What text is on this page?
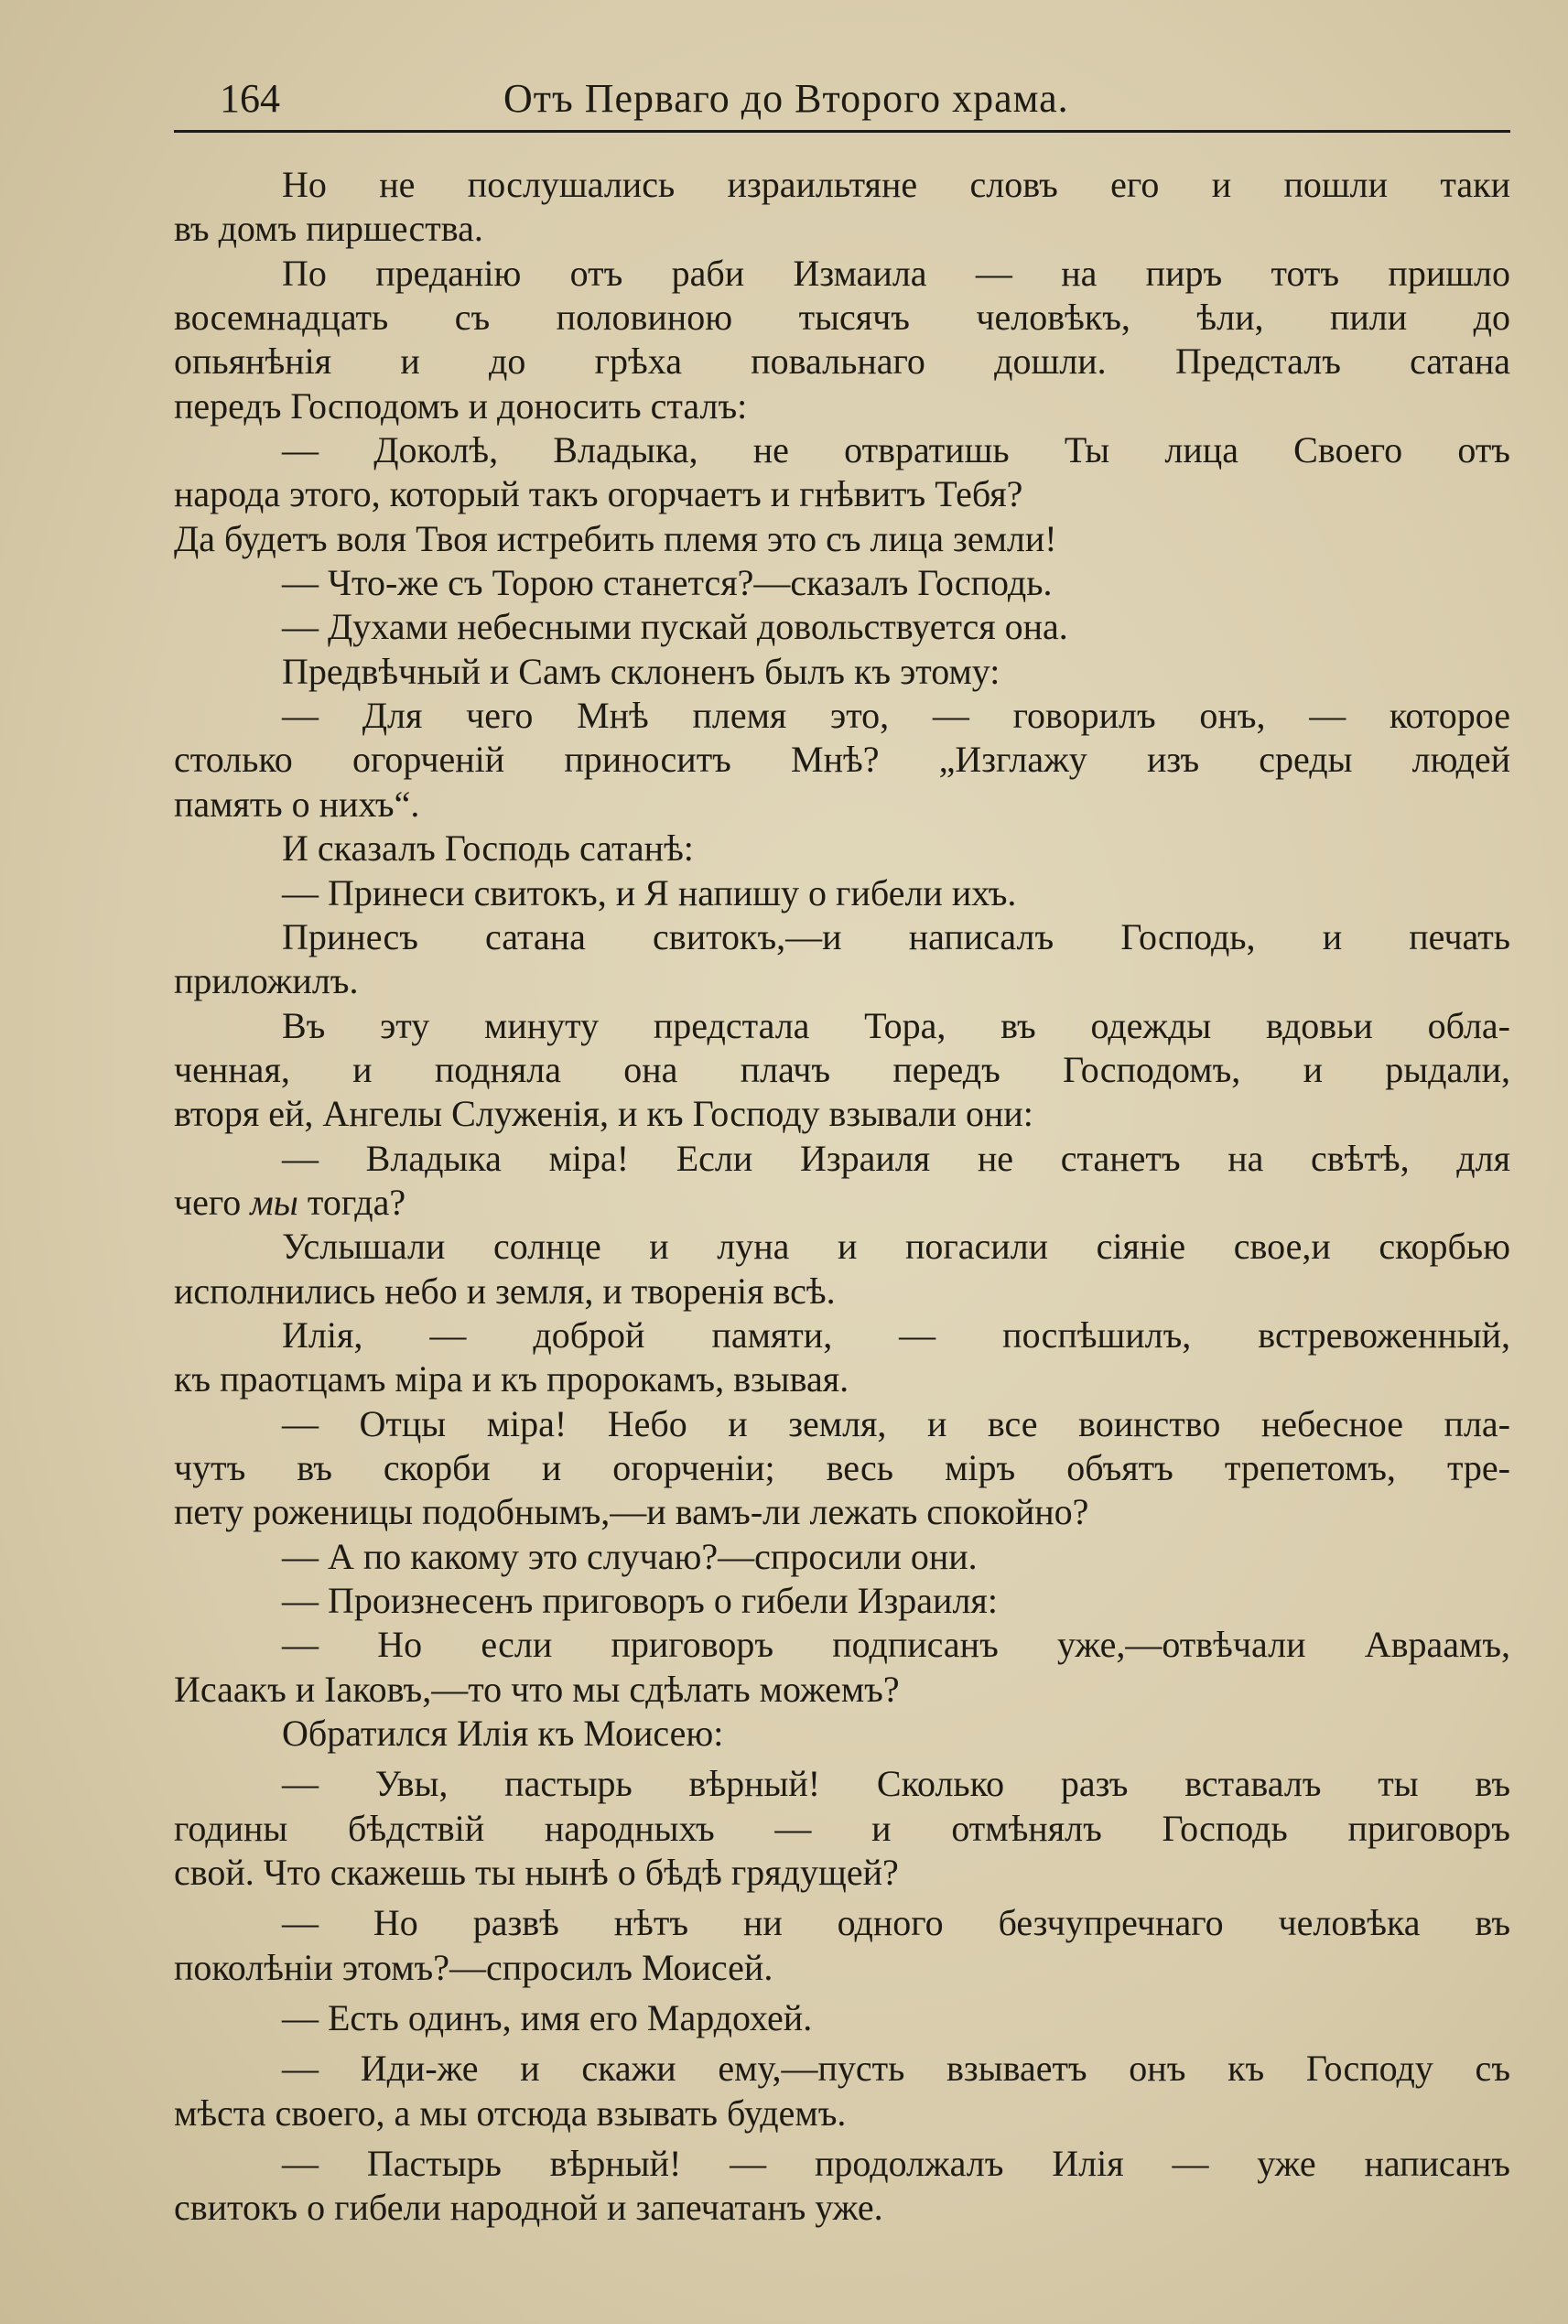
164	Отъ Перваго до Второго храма.
Но не послушались израильтяне словъ его и пошли таки
въ домъ пиршества.
По преданію отъ раби Измаила — на пиръ тотъ пришло
восемнадцать съ половиною тысячъ человѣкъ, ѣли, пили до
опьянѣнія и до грѣха повальнаго дошли. Предсталъ сатана
передъ Господомъ и доносить сталъ:
— Доколѣ, Владыка, не отвратишь Ты лица Своего отъ
народа этого, который такъ огорчаетъ и гнѣвитъ Тебя?
Да будетъ воля Твоя истребить племя это съ лица земли!
— Что-же съ Торою станется?—сказалъ Господь.
— Духами небесными пускай довольствуется она.
Предвѣчный и Самъ склоненъ былъ къ этому:
— Для чего Мнѣ племя это, — говорилъ онъ, — которое
столько огорченій приноситъ Мнѣ? „Изглажу изъ среды людей
память о нихъ“.
И сказалъ Господь сатанѣ:
— Принеси свитокъ, и Я напишу о гибели ихъ.
Принесъ сатана свитокъ,—и написалъ Господь, и печать
приложилъ.
Въ эту минуту предстала Тора, въ одежды вдовьи обла-
ченная, и подняла она плачъ передъ Господомъ, и рыдали,
вторя ей, Ангелы Служенія, и къ Господу взывали они:
— Владыка міра! Если Израиля не станетъ на свѣтѣ, для
чего мы тогда?
Услышали солнце и луна и погасили сіяніе свое,и скорбью
исполнились небо и земля, и творенія всѣ.
Илія, — доброй памяти, — поспѣшилъ, встревоженный,
къ праотцамъ міра и къ пророкамъ, взывая.
— Отцы міра! Небо и земля, и все воинство небесное пла-
чутъ въ скорби и огорченіи; весь міръ объятъ трепетомъ, тре-
пету роженицы подобнымъ,—и вамъ-ли лежать спокойно?
— А по какому это случаю?—спросили они.
— Произнесенъ приговоръ о гибели Израиля:
— Но если приговоръ подписанъ уже,—отвѣчали Авраамъ,
Исаакъ и Іаковъ,—то что мы сдѣлать можемъ?
Обратился Илія къ Моисею:
— Увы, пастырь вѣрный! Сколько разъ вставалъ ты въ
годины бѣдствій народныхъ — и отмѣнялъ Господь приговоръ
свой. Что скажешь ты нынѣ о бѣдѣ грядущей?
— Но развѣ нѣтъ ни одного безчупречнаго человѣка въ
поколѣніи этомъ?—спросилъ Моисей.
— Есть одинъ, имя его Мардохей.
— Иди-же и скажи ему,—пусть взываетъ онъ къ Господу съ
мѣста своего, а мы отсюда взывать будемъ.
— Пастырь вѣрный! — продолжалъ Илія — уже написанъ
свитокъ о гибели народной и запечатанъ уже.
